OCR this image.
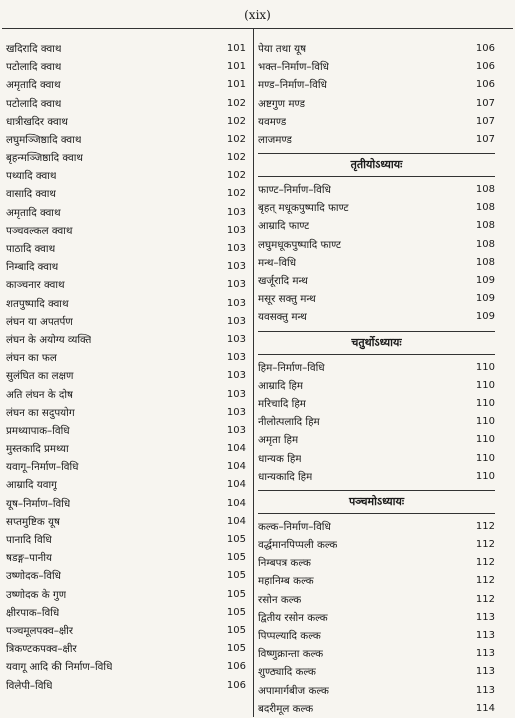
(xix)
खदिरादि क्वाथ	101
पटोलादि क्वाथ	101
अमृतादि क्वाथ	101
पटोलादि क्वाथ	102
धात्रीखदिर क्वाथ	102
लघुमञ्जिष्ठादि क्वाथ	102
बृहन्मञ्जिष्ठादि क्वाथ	102
पथ्यादि क्वाथ	102
वासादि क्वाथ	102
अमृतादि क्वाथ	103
पञ्चवल्कल क्वाथ	103
पाठादि क्वाथ	103
निम्बादि क्वाथ	103
काञ्चनार क्वाथ	103
शतपुष्पादि क्वाथ	103
लंघन या अपतर्पण	103
लंघन के अयोग्य व्यक्ति	103
लंघन का फल	103
सुलंघित का लक्षण	103
अति लंघन के दोष	103
लंघन का सदुपयोग	103
प्रमथ्यापाक–विधि	103
मुस्तकादि प्रमथ्या	104
यवागू–निर्माण–विधि	104
आम्रादि यवागू	104
यूष–निर्माण–विधि	104
सप्तमुष्टिक यूष	104
पानादि विधि	105
षडङ्ग–पानीय	105
उष्णोदक–विधि	105
उष्णोदक के गुण	105
क्षीरपाक–विधि	105
पञ्चमूलपक्व–क्षीर	105
त्रिकण्टकपक्व–क्षीर	105
यवागू आदि की निर्माण–विधि	106
विलेपी–विधि	106
पेया तथा यूष	106
भक्त–निर्माण–विधि	106
मण्ड–निर्माण–विधि	106
अष्टगुण मण्ड	107
यवमण्ड	107
लाजमण्ड	107
तृतीयोऽध्यायः
फाण्ट–निर्माण–विधि	108
बृहत् मधूकपुष्पादि फाण्ट	108
आम्रादि फाण्ट	108
लघुमधूकपुष्पादि फाण्ट	108
मन्थ–विधि	108
खर्जूरादि मन्थ	109
मसूर सक्तु मन्थ	109
यवसक्तु मन्थ	109
चतुर्थोऽध्यायः
हिम–निर्माण–विधि	110
आम्रादि हिम	110
मरिचादि हिम	110
नीलोत्पलादि हिम	110
अमृता हिम	110
धान्यक हिम	110
धान्यकादि हिम	110
पञ्चमोऽध्यायः
कल्क–निर्माण–विधि	112
वर्द्धमानपिप्पली कल्क	112
निम्बपत्र कल्क	112
महानिम्ब कल्क	112
रसोन कल्क	112
द्वितीय रसोन कल्क	113
पिप्पल्यादि कल्क	113
विष्णुक्रान्ता कल्क	113
शुण्ठ्यादि कल्क	113
अपामार्गबीज कल्क	113
बदरीमूल कल्क	114
